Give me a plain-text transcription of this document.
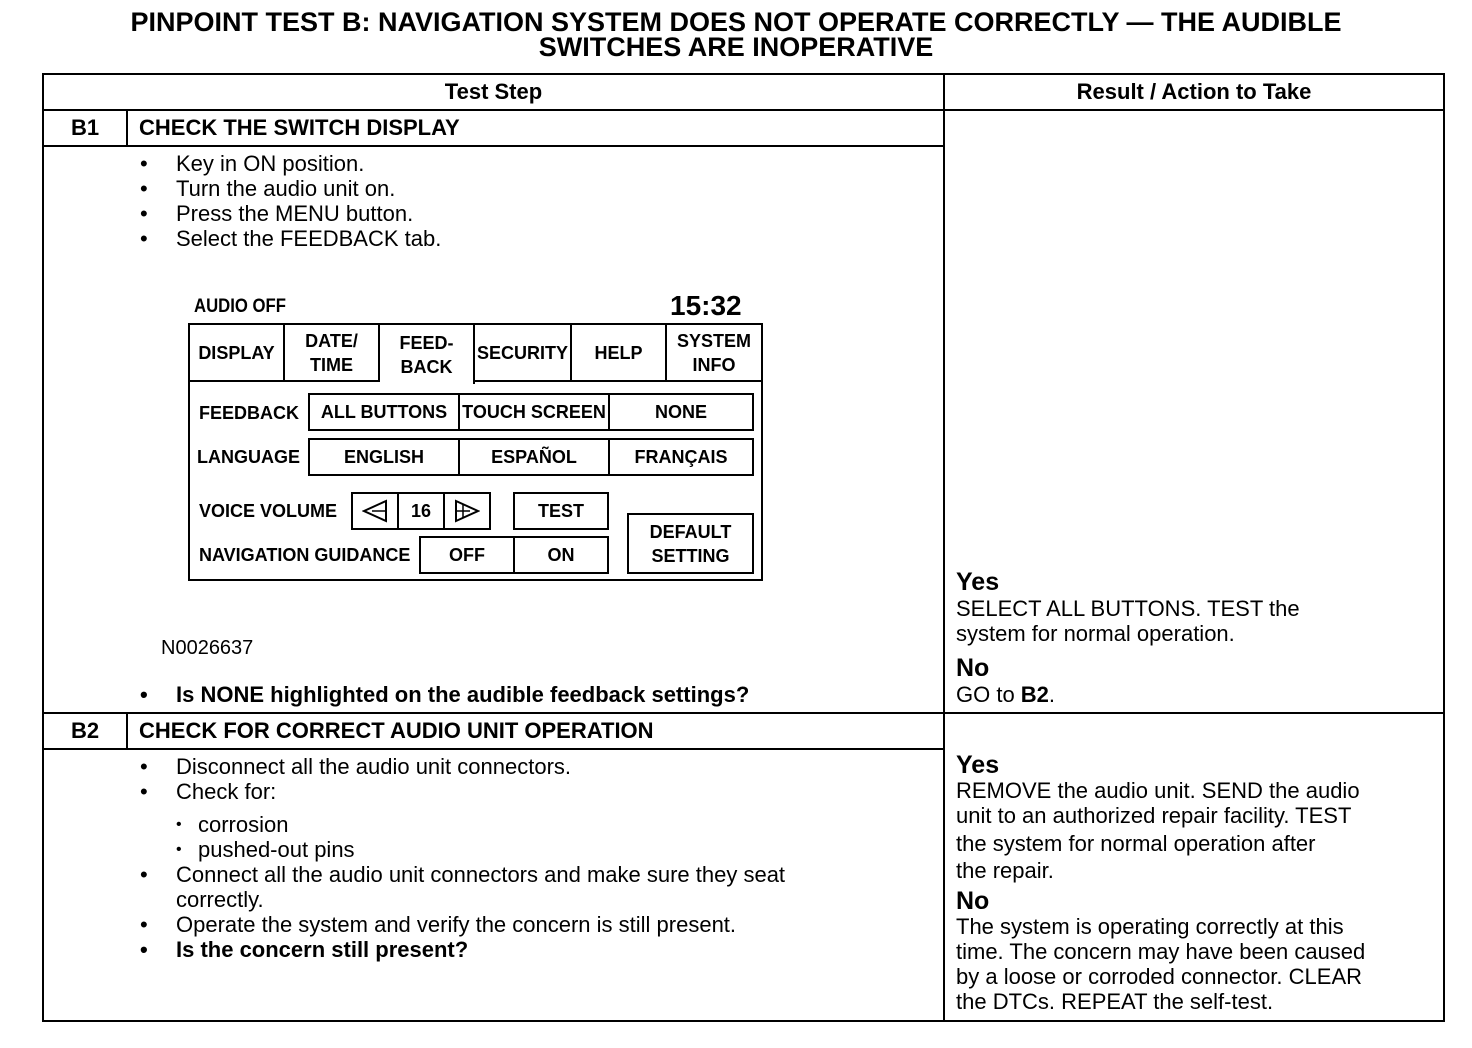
PINPOINT TEST B: NAVIGATION SYSTEM DOES NOT OPERATE CORRECTLY — THE AUDIBLE
SWITCHES ARE INOPERATIVE
Test Step	Result / Action to Take
B1	CHECK THE SWITCH DISPLAY
• Key in ON position.
• Turn the audio unit on.
• Press the MENU button.
• Select the FEEDBACK tab.
AUDIO OFF	15:32
DISPLAY
DATE/
TIME
FEED-
BACK
SECURITY HELP
SYSTEM
INFO
FEEDBACK ALL BUTTONS TOUCH SCREEN	NONE
LANGUAGE ENGLISH	ESPAÑOL	FRANÇAIS
VOICE VOLUME	16	TEST
NAVIGATION GUIDANCE OFF	ON
DEFAULT
SETTING
N0026637
• Is NONE highlighted on the audible feedback settings?
Yes
SELECT ALL BUTTONS. TEST the
system for normal operation.
No
GO to B2.
B2	CHECK FOR CORRECT AUDIO UNIT OPERATION
• Disconnect all the audio unit connectors.
• Check for:
• corrosion
• pushed-out pins
• Connect all the audio unit connectors and make sure they seat
correctly.
• Operate the system and verify the concern is still present.
• Is the concern still present?
Yes
REMOVE the audio unit. SEND the audio
unit to an authorized repair facility. TEST
the system for normal operation after
the repair.
No
The system is operating correctly at this
time. The concern may have been caused
by a loose or corroded connector. CLEAR
the DTCs. REPEAT the self-test.
